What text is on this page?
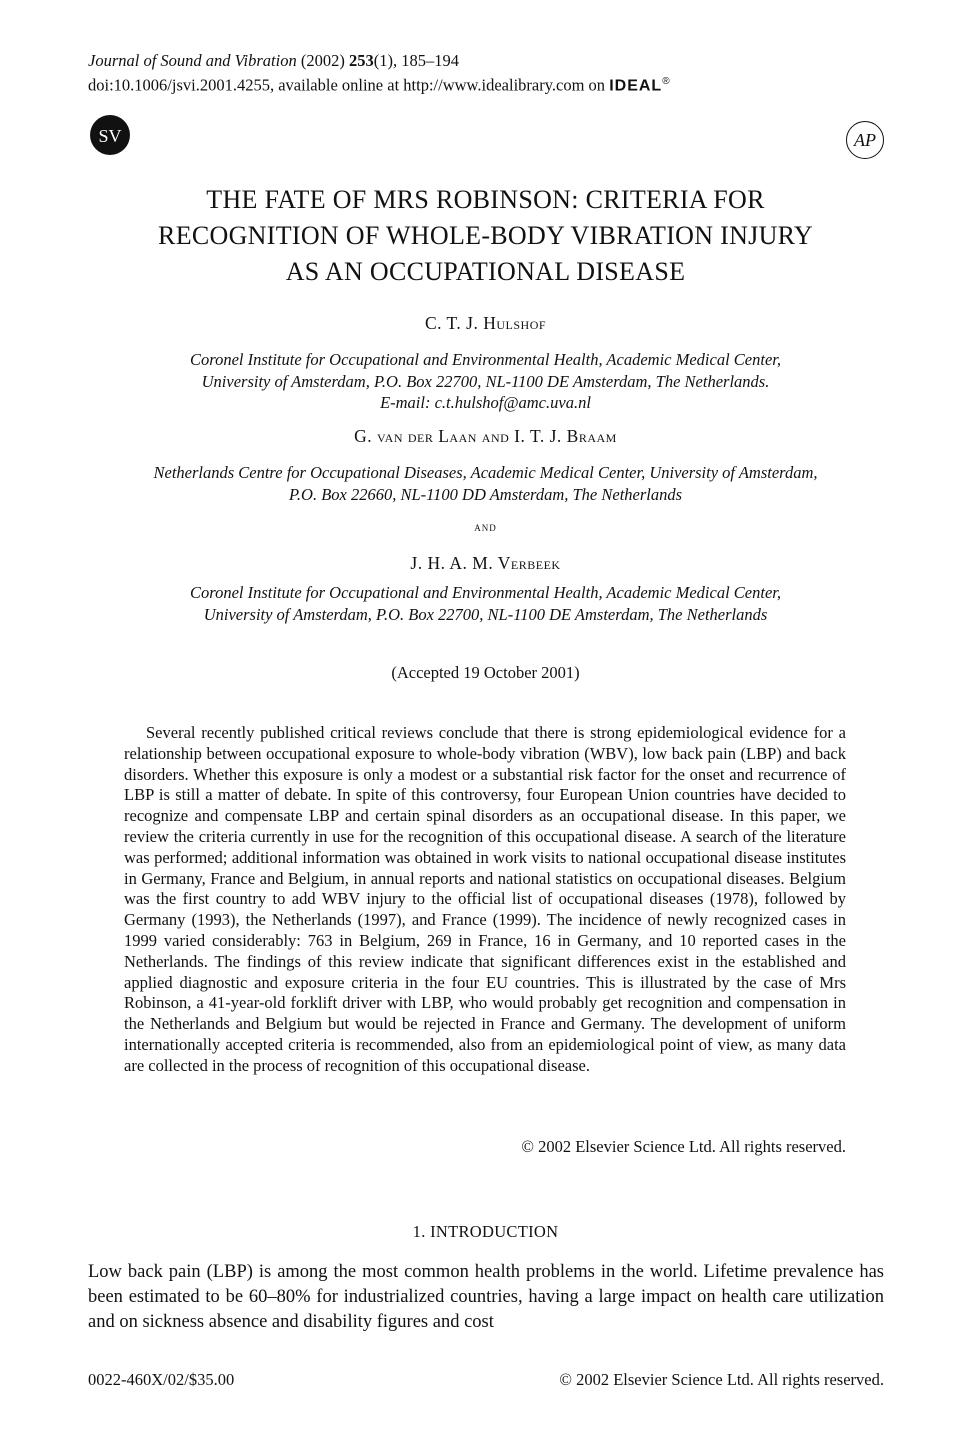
Journal of Sound and Vibration (2002) 253(1), 185–194
doi:10.1006/jsvi.2001.4255, available online at http://www.idealibrary.com on IDEAL®
SV	AP
THE FATE OF MRS ROBINSON: CRITERIA FOR
RECOGNITION OF WHOLE-BODY VIBRATION INJURY
AS AN OCCUPATIONAL DISEASE
C. T. J. Hulshof
Coronel Institute for Occupational and Environmental Health, Academic Medical Center,
University of Amsterdam, P.O. Box 22700, NL-1100 DE Amsterdam, The Netherlands.
E-mail: c.t.hulshof@amc.uva.nl
G. van der Laan and I. T. J. Braam
Netherlands Centre for Occupational Diseases, Academic Medical Center, University of Amsterdam,
P.O. Box 22660, NL-1100 DD Amsterdam, The Netherlands
and
J. H. A. M. Verbeek
Coronel Institute for Occupational and Environmental Health, Academic Medical Center,
University of Amsterdam, P.O. Box 22700, NL-1100 DE Amsterdam, The Netherlands
(Accepted 19 October 2001)
Several recently published critical reviews conclude that there is strong epidemiological evidence for a relationship between occupational exposure to whole-body vibration (WBV), low back pain (LBP) and back disorders. Whether this exposure is only a modest or a substantial risk factor for the onset and recurrence of LBP is still a matter of debate. In spite of this controversy, four European Union countries have decided to recognize and compensate LBP and certain spinal disorders as an occupational disease. In this paper, we review the criteria currently in use for the recognition of this occupational disease. A search of the literature was performed; additional information was obtained in work visits to national occupational disease institutes in Germany, France and Belgium, in annual reports and national statistics on occupational diseases. Belgium was the first country to add WBV injury to the official list of occupational diseases (1978), followed by Germany (1993), the Netherlands (1997), and France (1999). The incidence of newly recognized cases in 1999 varied considerably: 763 in Belgium, 269 in France, 16 in Germany, and 10 reported cases in the Netherlands. The findings of this review indicate that significant differences exist in the established and applied diagnostic and exposure criteria in the four EU countries. This is illustrated by the case of Mrs Robinson, a 41-year-old forklift driver with LBP, who would probably get recognition and compensation in the Netherlands and Belgium but would be rejected in France and Germany. The development of uniform internationally accepted criteria is recommended, also from an epidemiological point of view, as many data are collected in the process of recognition of this occupational disease.
© 2002 Elsevier Science Ltd. All rights reserved.
1. INTRODUCTION
Low back pain (LBP) is among the most common health problems in the world. Lifetime prevalence has been estimated to be 60–80% for industrialized countries, having a large impact on health care utilization and on sickness absence and disability figures and cost
0022-460X/02/$35.00	© 2002 Elsevier Science Ltd. All rights reserved.
